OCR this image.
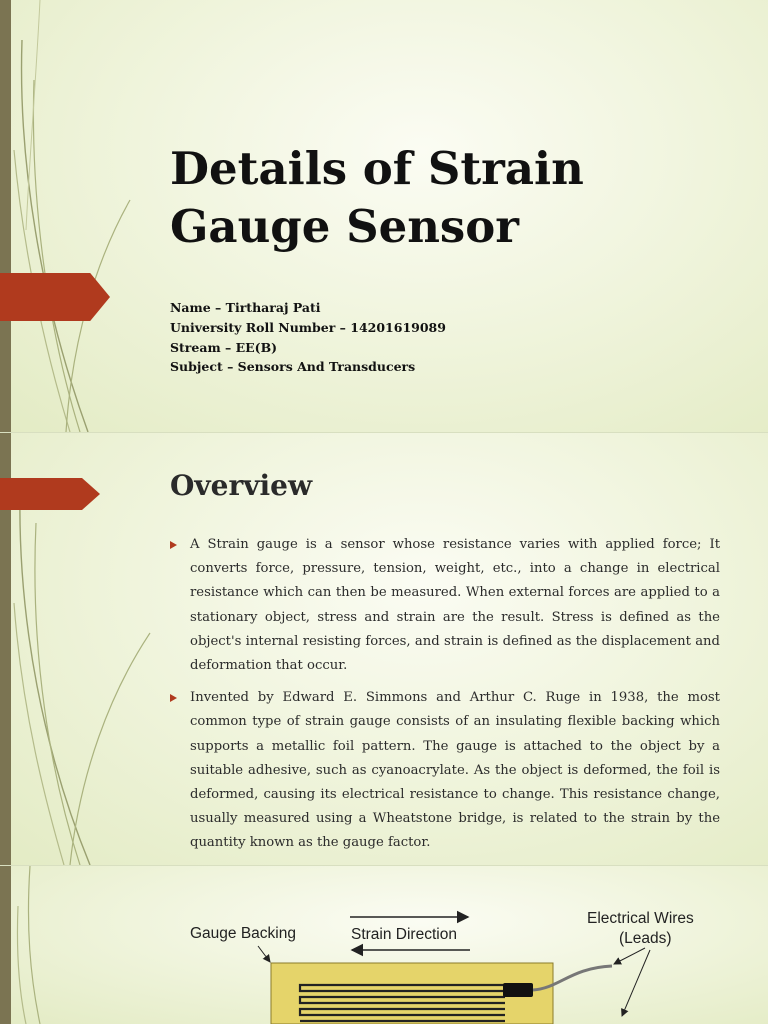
Details of Strain
Gauge Sensor
Name – Tirtharaj Pati
University Roll Number – 14201619089
Stream – EE(B)
Subject – Sensors And Transducers
Overview
A Strain gauge is a sensor whose resistance varies with applied force; It converts force, pressure, tension, weight, etc., into a change in electrical resistance which can then be measured. When external forces are applied to a stationary object, stress and strain are the result. Stress is defined as the object's internal resisting forces, and strain is defined as the displacement and deformation that occur.
Invented by Edward E. Simmons and Arthur C. Ruge in 1938, the most common type of strain gauge consists of an insulating flexible backing which supports a metallic foil pattern. The gauge is attached to the object by a suitable adhesive, such as cyanoacrylate. As the object is deformed, the foil is deformed, causing its electrical resistance to change. This resistance change, usually measured using a Wheatstone bridge, is related to the strain by the quantity known as the gauge factor.
Gauge Backing	Strain Direction
Electrical Wires
(Leads)
